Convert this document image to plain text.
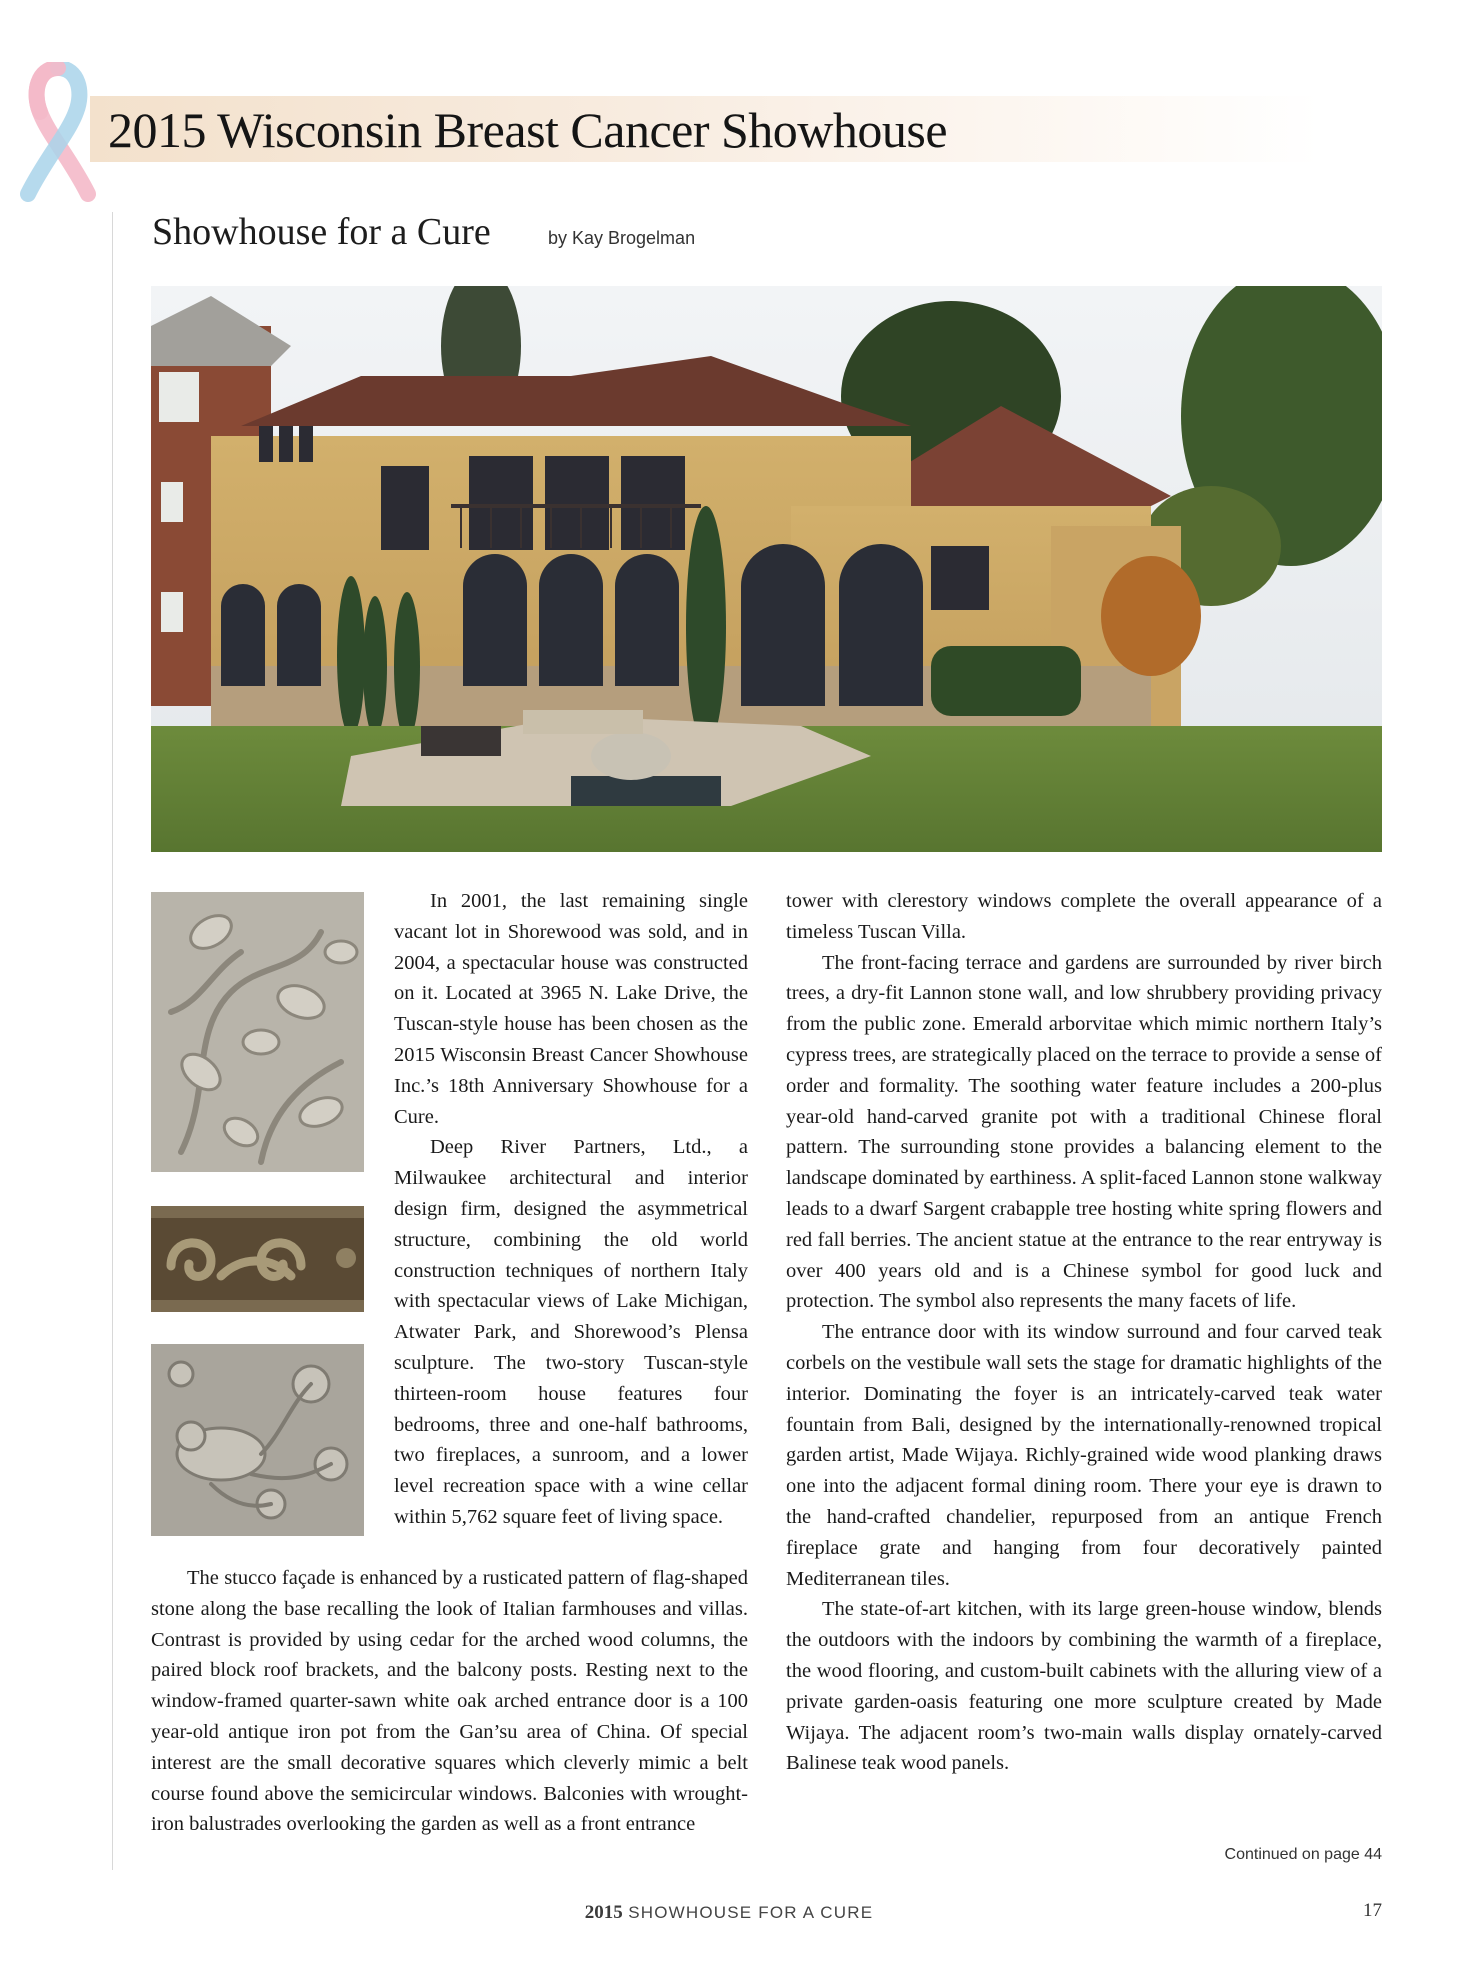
2015 Wisconsin Breast Cancer Showhouse
Showhouse for a Cure	by Kay Brogelman

In 2001, the last remaining single vacant lot in Shorewood was sold, and in 2004, a spectacular house was constructed on it. Located at 3965 N. Lake Drive, the Tuscan-style house has been chosen as the 2015 Wisconsin Breast Cancer Showhouse Inc.’s 18th Anniversary Showhouse for a Cure.

Deep River Partners, Ltd., a Milwaukee architectural and interior design firm, designed the asymmetrical structure, combining the old world construction techniques of northern Italy with spectacular views of Lake Michigan, Atwater Park, and Shorewood’s Plensa sculpture. The two-story Tuscan-style thirteen-room house features four bedrooms, three and one-half bathrooms, two fireplaces, a sunroom, and a lower level recreation space with a wine cellar within 5,762 square feet of living space.

The stucco façade is enhanced by a rusticated pattern of flag-shaped stone along the base recalling the look of Italian farmhouses and villas. Contrast is provided by using cedar for the arched wood columns, the paired block roof brackets, and the balcony posts. Resting next to the window-framed quarter-sawn white oak arched entrance door is a 100 year-old antique iron pot from the Gan’su area of China. Of special interest are the small decorative squares which cleverly mimic a belt course found above the semicircular windows. Balconies with wrought-iron balustrades overlooking the garden as well as a front entrance

tower with clerestory windows complete the overall appearance of a timeless Tuscan Villa.

The front-facing terrace and gardens are surrounded by river birch trees, a dry-fit Lannon stone wall, and low shrubbery providing privacy from the public zone. Emerald arborvitae which mimic northern Italy’s cypress trees, are strategically placed on the terrace to provide a sense of order and formality. The soothing water feature includes a 200-plus year-old hand-carved granite pot with a traditional Chinese floral pattern. The surrounding stone provides a balancing element to the landscape dominated by earthiness. A split-faced Lannon stone walkway leads to a dwarf Sargent crabapple tree hosting white spring flowers and red fall berries. The ancient statue at the entrance to the rear entryway is over 400 years old and is a Chinese symbol for good luck and protection. The symbol also represents the many facets of life.

The entrance door with its window surround and four carved teak corbels on the vestibule wall sets the stage for dramatic highlights of the interior. Dominating the foyer is an intricately-carved teak water fountain from Bali, designed by the internationally-renowned tropical garden artist, Made Wijaya. Richly-grained wide wood planking draws one into the adjacent formal dining room. There your eye is drawn to the hand-crafted chandelier, repurposed from an antique French fireplace grate and hanging from four decoratively painted Mediterranean tiles.

The state-of-art kitchen, with its large green-house window, blends the outdoors with the indoors by combining the warmth of a fireplace, the wood flooring, and custom-built cabinets with the alluring view of a private garden-oasis featuring one more sculpture created by Made Wijaya. The adjacent room’s two-main walls display ornately-carved Balinese teak wood panels.

Continued on page 44
2015 SHOWHOUSE FOR A CURE	17
